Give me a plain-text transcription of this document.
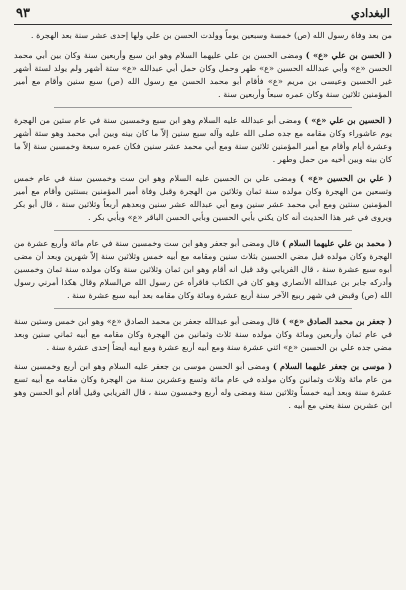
البغدادي
٩٣

من بعد وفاة رسول الله (ص) خمسة وسبعين يوماً وولدت الحسن بن علي ولها إحدى عشر سنة بعد الهجرة .

( الحسن بن علي «ع» ) ومضى الحسن بن علي عليهما السلام وهو ابن سبع وأربعين سنة وكان بين أبي محمد الحسن «ع» وأبي عبدالله الحسين «ع» طهر وحمل وكان حمل أبي عبدالله «ع» ستة أشهر ولم يولد لستة أشهر غير الحسين وعيسى بن مريم «ع» فأقام أبو محمد الحسن مع رسول الله (ص) سبع سنين وأقام مع أمير المؤمنين ثلاثين سنة وكان عمره سبعاً وأربعين سنة .

( الحسين بن علي «ع» ) ومضى أبو عبدالله عليه السلام وهو ابن سبع وخمسين سنة في عام ستين من الهجرة يوم عاشوراء وكان مقامه مع جده صلى الله عليه وآله سبع سنين إلاّ ما كان بينه وبين أبي محمد وهو ستة أشهر وعشرة أيام وأقام مع أمير المؤمنين ثلاثين سنة ومع أبي محمد عشر سنين فكان عمره سبعة وخمسين سنة إلاّ ما كان بينه وبين أخيه من حمل وطهر .

( علي بن الحسين «ع» ) ومضى علي بن الحسين عليه السلام وهو ابن ست وخمسين سنة في عام خمس وتسعين من الهجرة وكان مولده سنة ثمان وثلاثين من الهجرة وقبل وفاة أمير المؤمنين بسنتين وأقام مع أمير المؤمنين سنتين ومع أبي محمد عشر سنين ومع أبي عبدالله عشر سنين وبعدهم أربعاً وثلاثين سنة ، قال أبو بكر ويروى في غير هذا الحديث أنه كان يكني بأبي الحسين وبأبي الحسن الباقر «ع» وبأبي بكر .

( محمد بن علي عليهما السلام ) قال ومضى أبو جعفر وهو ابن ست وخمسين سنة في عام مائة وأربع عشرة من الهجرة وكان مولده قبل مضي الحسين بثلاث سنين ومقامه مع أبيه خمس وثلاثين سنة إلاّ شهرين وبعد أن مضى أبوه سبع عشرة سنة ، قال الفريابي وقد قيل انه أقام وهو ابن ثمان وثلاثين سنة وكان مولده سنة ثمان وخمسين وأدركه جابر بن عبدالله الأنصاري وهو كان في الكتاب فاقرأه عن رسول الله ص‌السلام وقال هكذا أمرني رسول الله (ص) وقبض في شهر ربيع الآخر سنة أربع عشرة ومائة وكان مقامه بعد أبيه سبع عشرة سنة .

( جعفر بن محمد الصادق «ع» ) قال ومضى أبو عبدالله جعفر بن محمد الصادق «ع» وهو ابن خمس وستين سنة في عام ثمان وأربعين ومائة وكان مولده سنة ثلاث وثمانين من الهجرة وكان مقامه مع أبيه ثماني سنين وبعد مضي جده علي بن الحسين «ع» اثني عشرة سنة ومع أبيه أربع عشرة ومع أبيه أيضاً إحدى عشرة سنة .

( موسى بن جعفر عليهما السلام ) ومضى أبو الحسن موسى بن جعفر عليه السلام وهو ابن أربع وخمسين سنة من عام مائة وثلاث وثمانين وكان مولده في عام مائة وتسع وعشرين سنة من الهجرة وكان مقامه مع أبيه تسع عشرة سنة وبعد أبيه خمساً وثلاثين سنة ومضى وله أربع وخمسون سنة ، قال الفريابي وقيل أقام أبو الحسن وهو ابن عشرين سنة يعني مع أبيه .
